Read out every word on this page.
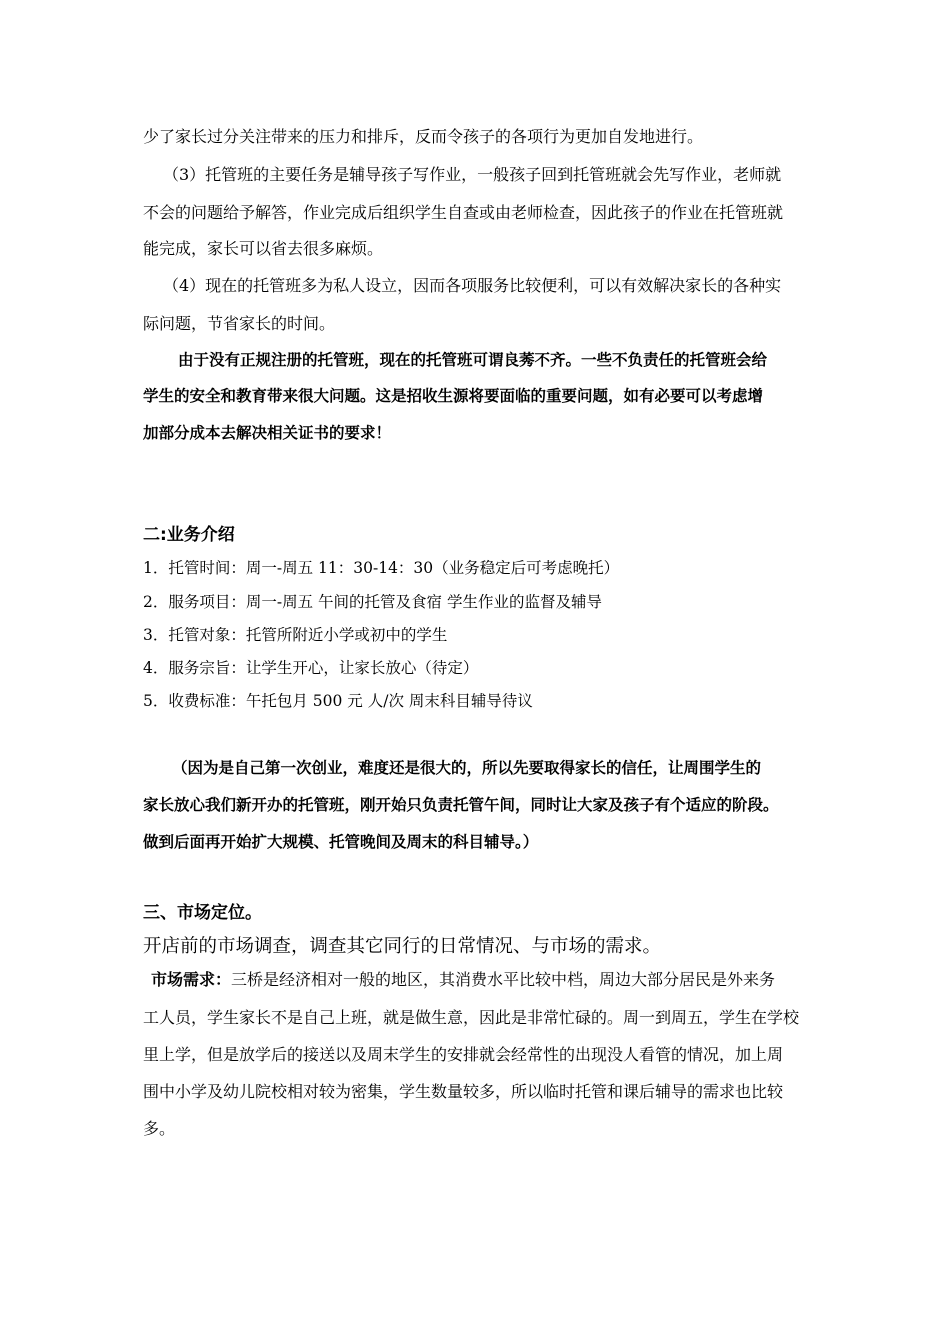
少了家长过分关注带来的压力和排斥，反而令孩子的各项行为更加自发地进行。
（3）托管班的主要任务是辅导孩子写作业，一般孩子回到托管班就会先写作业，老师就
不会的问题给予解答，作业完成后组织学生自查或由老师检查，因此孩子的作业在托管班就
能完成，家长可以省去很多麻烦。
（4）现在的托管班多为私人设立，因而各项服务比较便利，可以有效解决家长的各种实
际问题，节省家长的时间。
由于没有正规注册的托管班，现在的托管班可谓良莠不齐。一些不负责任的托管班会给
学生的安全和教育带来很大问题。这是招收生源将要面临的重要问题，如有必要可以考虑增
加部分成本去解决相关证书的要求！
二:业务介绍
1．托管时间：周一-周五 11：30-14：30（业务稳定后可考虑晚托）
2．服务项目：周一-周五 午间的托管及食宿 学生作业的监督及辅导
3．托管对象：托管所附近小学或初中的学生
4．服务宗旨：让学生开心，让家长放心（待定）
5．收费标准：午托包月 500 元 人/次 周末科目辅导待议
（因为是自己第一次创业，难度还是很大的，所以先要取得家长的信任，让周围学生的
家长放心我们新开办的托管班，刚开始只负责托管午间，同时让大家及孩子有个适应的阶段。
做到后面再开始扩大规模、托管晚间及周末的科目辅导。）
三、市场定位。
开店前的市场调查，调查其它同行的日常情况、与市场的需求。
市场需求：三桥是经济相对一般的地区，其消费水平比较中档，周边大部分居民是外来务
工人员，学生家长不是自己上班，就是做生意，因此是非常忙碌的。周一到周五，学生在学校
里上学，但是放学后的接送以及周末学生的安排就会经常性的出现没人看管的情况，加上周
围中小学及幼儿院校相对较为密集，学生数量较多，所以临时托管和课后辅导的需求也比较
多。
